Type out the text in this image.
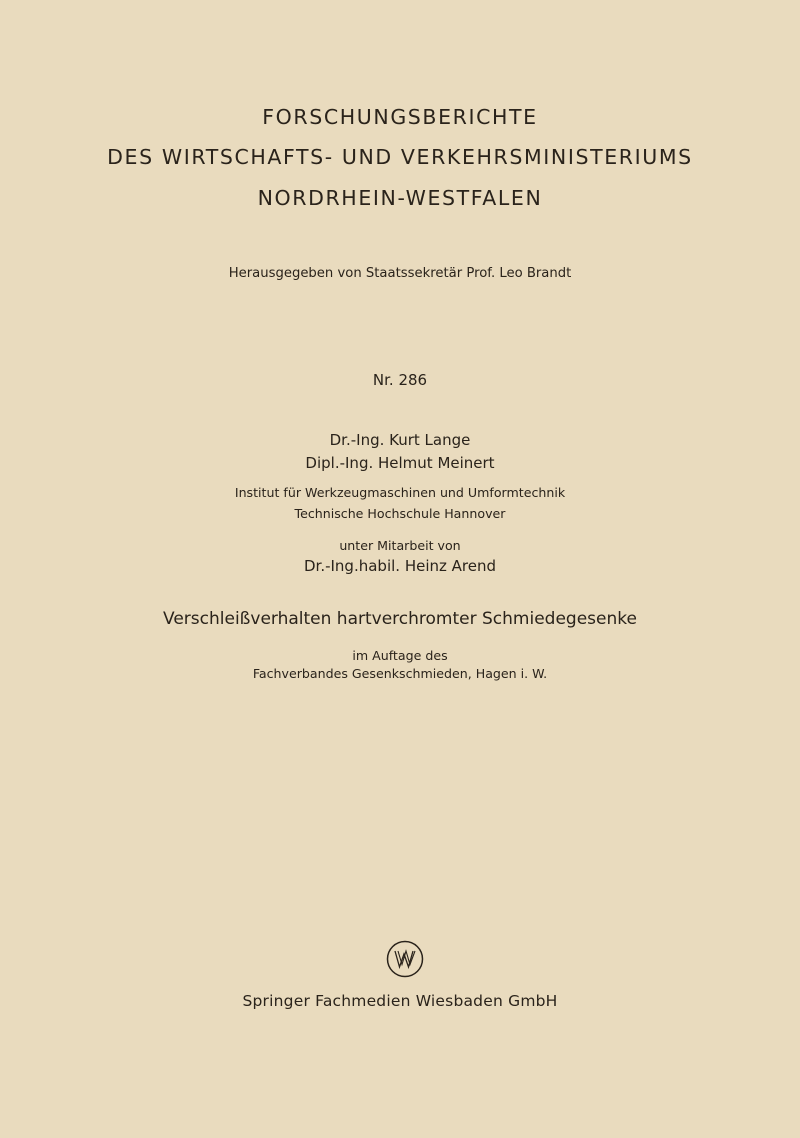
FORSCHUNGSBERICHTE
DES WIRTSCHAFTS- UND VERKEHRSMINISTERIUMS
NORDRHEIN-WESTFALEN
Herausgegeben von Staatssekretär Prof. Leo Brandt
Nr. 286
Dr.-Ing. Kurt Lange
Dipl.-Ing. Helmut Meinert
Institut für Werkzeugmaschinen und Umformtechnik
Technische Hochschule Hannover
unter Mitarbeit von
Dr.-Ing.habil. Heinz Arend
Verschleißverhalten hartverchromter Schmiedegesenke
im Auftage des
Fachverbandes Gesenkschmieden, Hagen i. W.
Springer Fachmedien Wiesbaden GmbH
